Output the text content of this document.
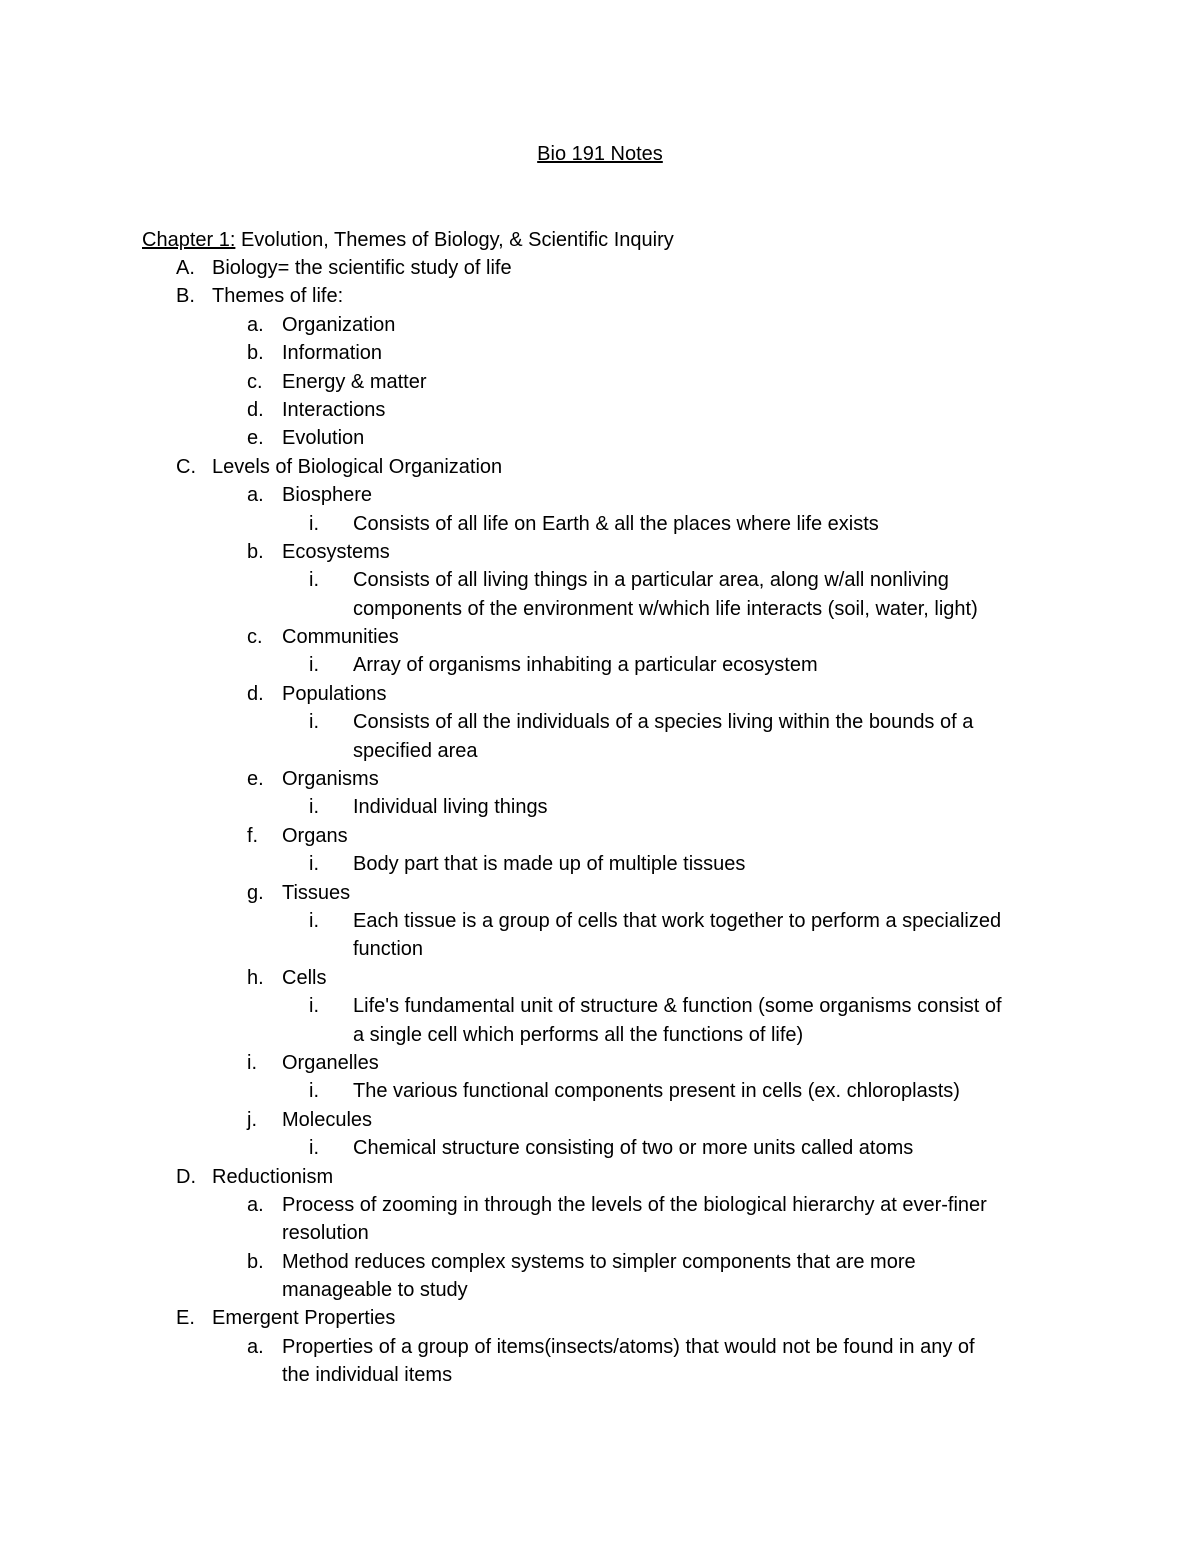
Bio 191 Notes
Chapter 1: Evolution, Themes of Biology, & Scientific Inquiry
A. Biology= the scientific study of life
B. Themes of life:
a. Organization
b. Information
c. Energy & matter
d. Interactions
e. Evolution
C. Levels of Biological Organization
a. Biosphere
i. Consists of all life on Earth & all the places where life exists
b. Ecosystems
i. Consists of all living things in a particular area, along w/all nonliving
components of the environment w/which life interacts (soil, water, light)
c. Communities
i. Array of organisms inhabiting a particular ecosystem
d. Populations
i. Consists of all the individuals of a species living within the bounds of a
specified area
e. Organisms
i. Individual living things
f. Organs
i. Body part that is made up of multiple tissues
g. Tissues
i. Each tissue is a group of cells that work together to perform a specialized
function
h. Cells
i. Life's fundamental unit of structure & function (some organisms consist of
a single cell which performs all the functions of life)
i. Organelles
i. The various functional components present in cells (ex. chloroplasts)
j. Molecules
i. Chemical structure consisting of two or more units called atoms
D. Reductionism
a. Process of zooming in through the levels of the biological hierarchy at ever-finer
resolution
b. Method reduces complex systems to simpler components that are more
manageable to study
E. Emergent Properties
a. Properties of a group of items(insects/atoms) that would not be found in any of
the individual items
